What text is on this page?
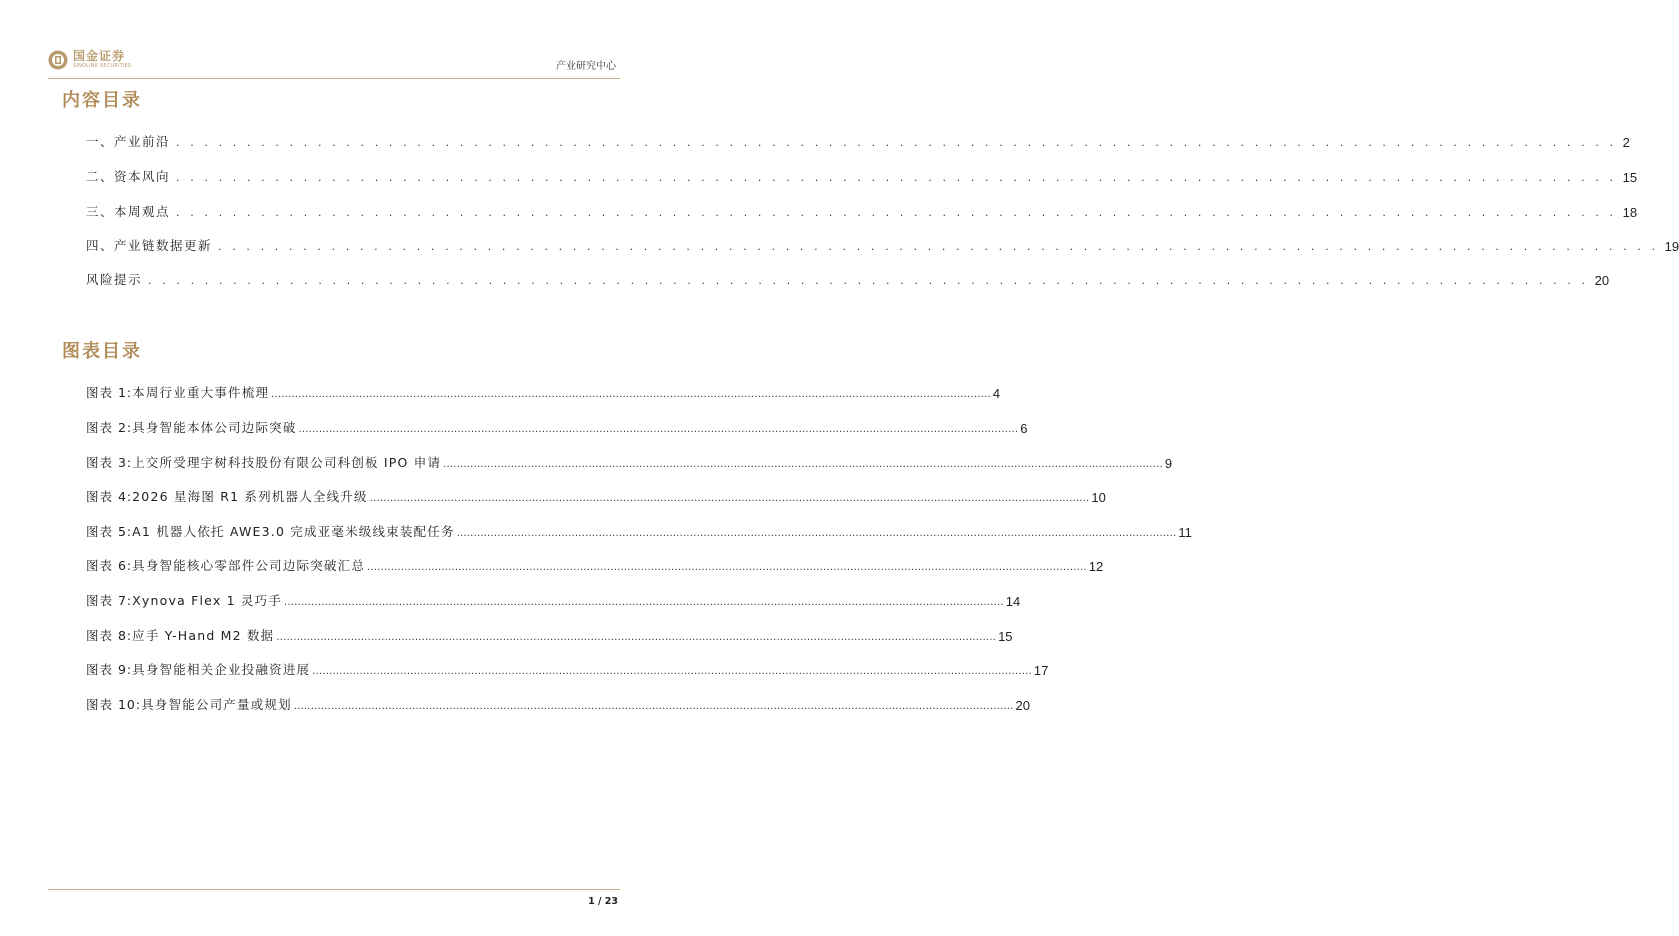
国金证券
SINOLINK SECURITIES	产业研究中心
内容目录
一、产业前沿 . . . . . . . . . . . . . . . . . . . . . . . . . . . . . . . . . . . . . . . . . . . . . . . . . . . . . . . . . . . . . . . . . . . . . . . . . . . . . . . . . . . . . . . . . . . . . . . . . . . . . . 2
二、资本风向 . . . . . . . . . . . . . . . . . . . . . . . . . . . . . . . . . . . . . . . . . . . . . . . . . . . . . . . . . . . . . . . . . . . . . . . . . . . . . . . . . . . . . . . . . . . . . . . . . . . . . . 15
三、本周观点 . . . . . . . . . . . . . . . . . . . . . . . . . . . . . . . . . . . . . . . . . . . . . . . . . . . . . . . . . . . . . . . . . . . . . . . . . . . . . . . . . . . . . . . . . . . . . . . . . . . . . . 18
四、产业链数据更新 . . . . . . . . . . . . . . . . . . . . . . . . . . . . . . . . . . . . . . . . . . . . . . . . . . . . . . . . . . . . . . . . . . . . . . . . . . . . . . . . . . . . . . . . . . . . . . . . . . . . . . 19
风险提示 . . . . . . . . . . . . . . . . . . . . . . . . . . . . . . . . . . . . . . . . . . . . . . . . . . . . . . . . . . . . . . . . . . . . . . . . . . . . . . . . . . . . . . . . . . . . . . . . . . . . . . 20
图表目录
图表 1: 本周行业重大事件梳理 ..................................................................................................................................................................................................................... 4
图表 2: 具身智能本体公司边际突破 ..................................................................................................................................................................................................................... 6
图表 3: 上交所受理宇树科技股份有限公司科创板 IPO 申请 ..................................................................................................................................................................................................................... 9
图表 4: 2026 星海图 R1 系列机器人全线升级 ..................................................................................................................................................................................................................... 10
图表 5: A1 机器人依托 AWE3.0 完成亚毫米级线束装配任务 ..................................................................................................................................................................................................................... 11
图表 6: 具身智能核心零部件公司边际突破汇总 ..................................................................................................................................................................................................................... 12
图表 7: Xynova Flex 1 灵巧手 ..................................................................................................................................................................................................................... 14
图表 8: 应手 Y-Hand M2 数据 ..................................................................................................................................................................................................................... 15
图表 9: 具身智能相关企业投融资进展 ..................................................................................................................................................................................................................... 17
图表 10: 具身智能公司产量或规划 ..................................................................................................................................................................................................................... 20
1 / 23
